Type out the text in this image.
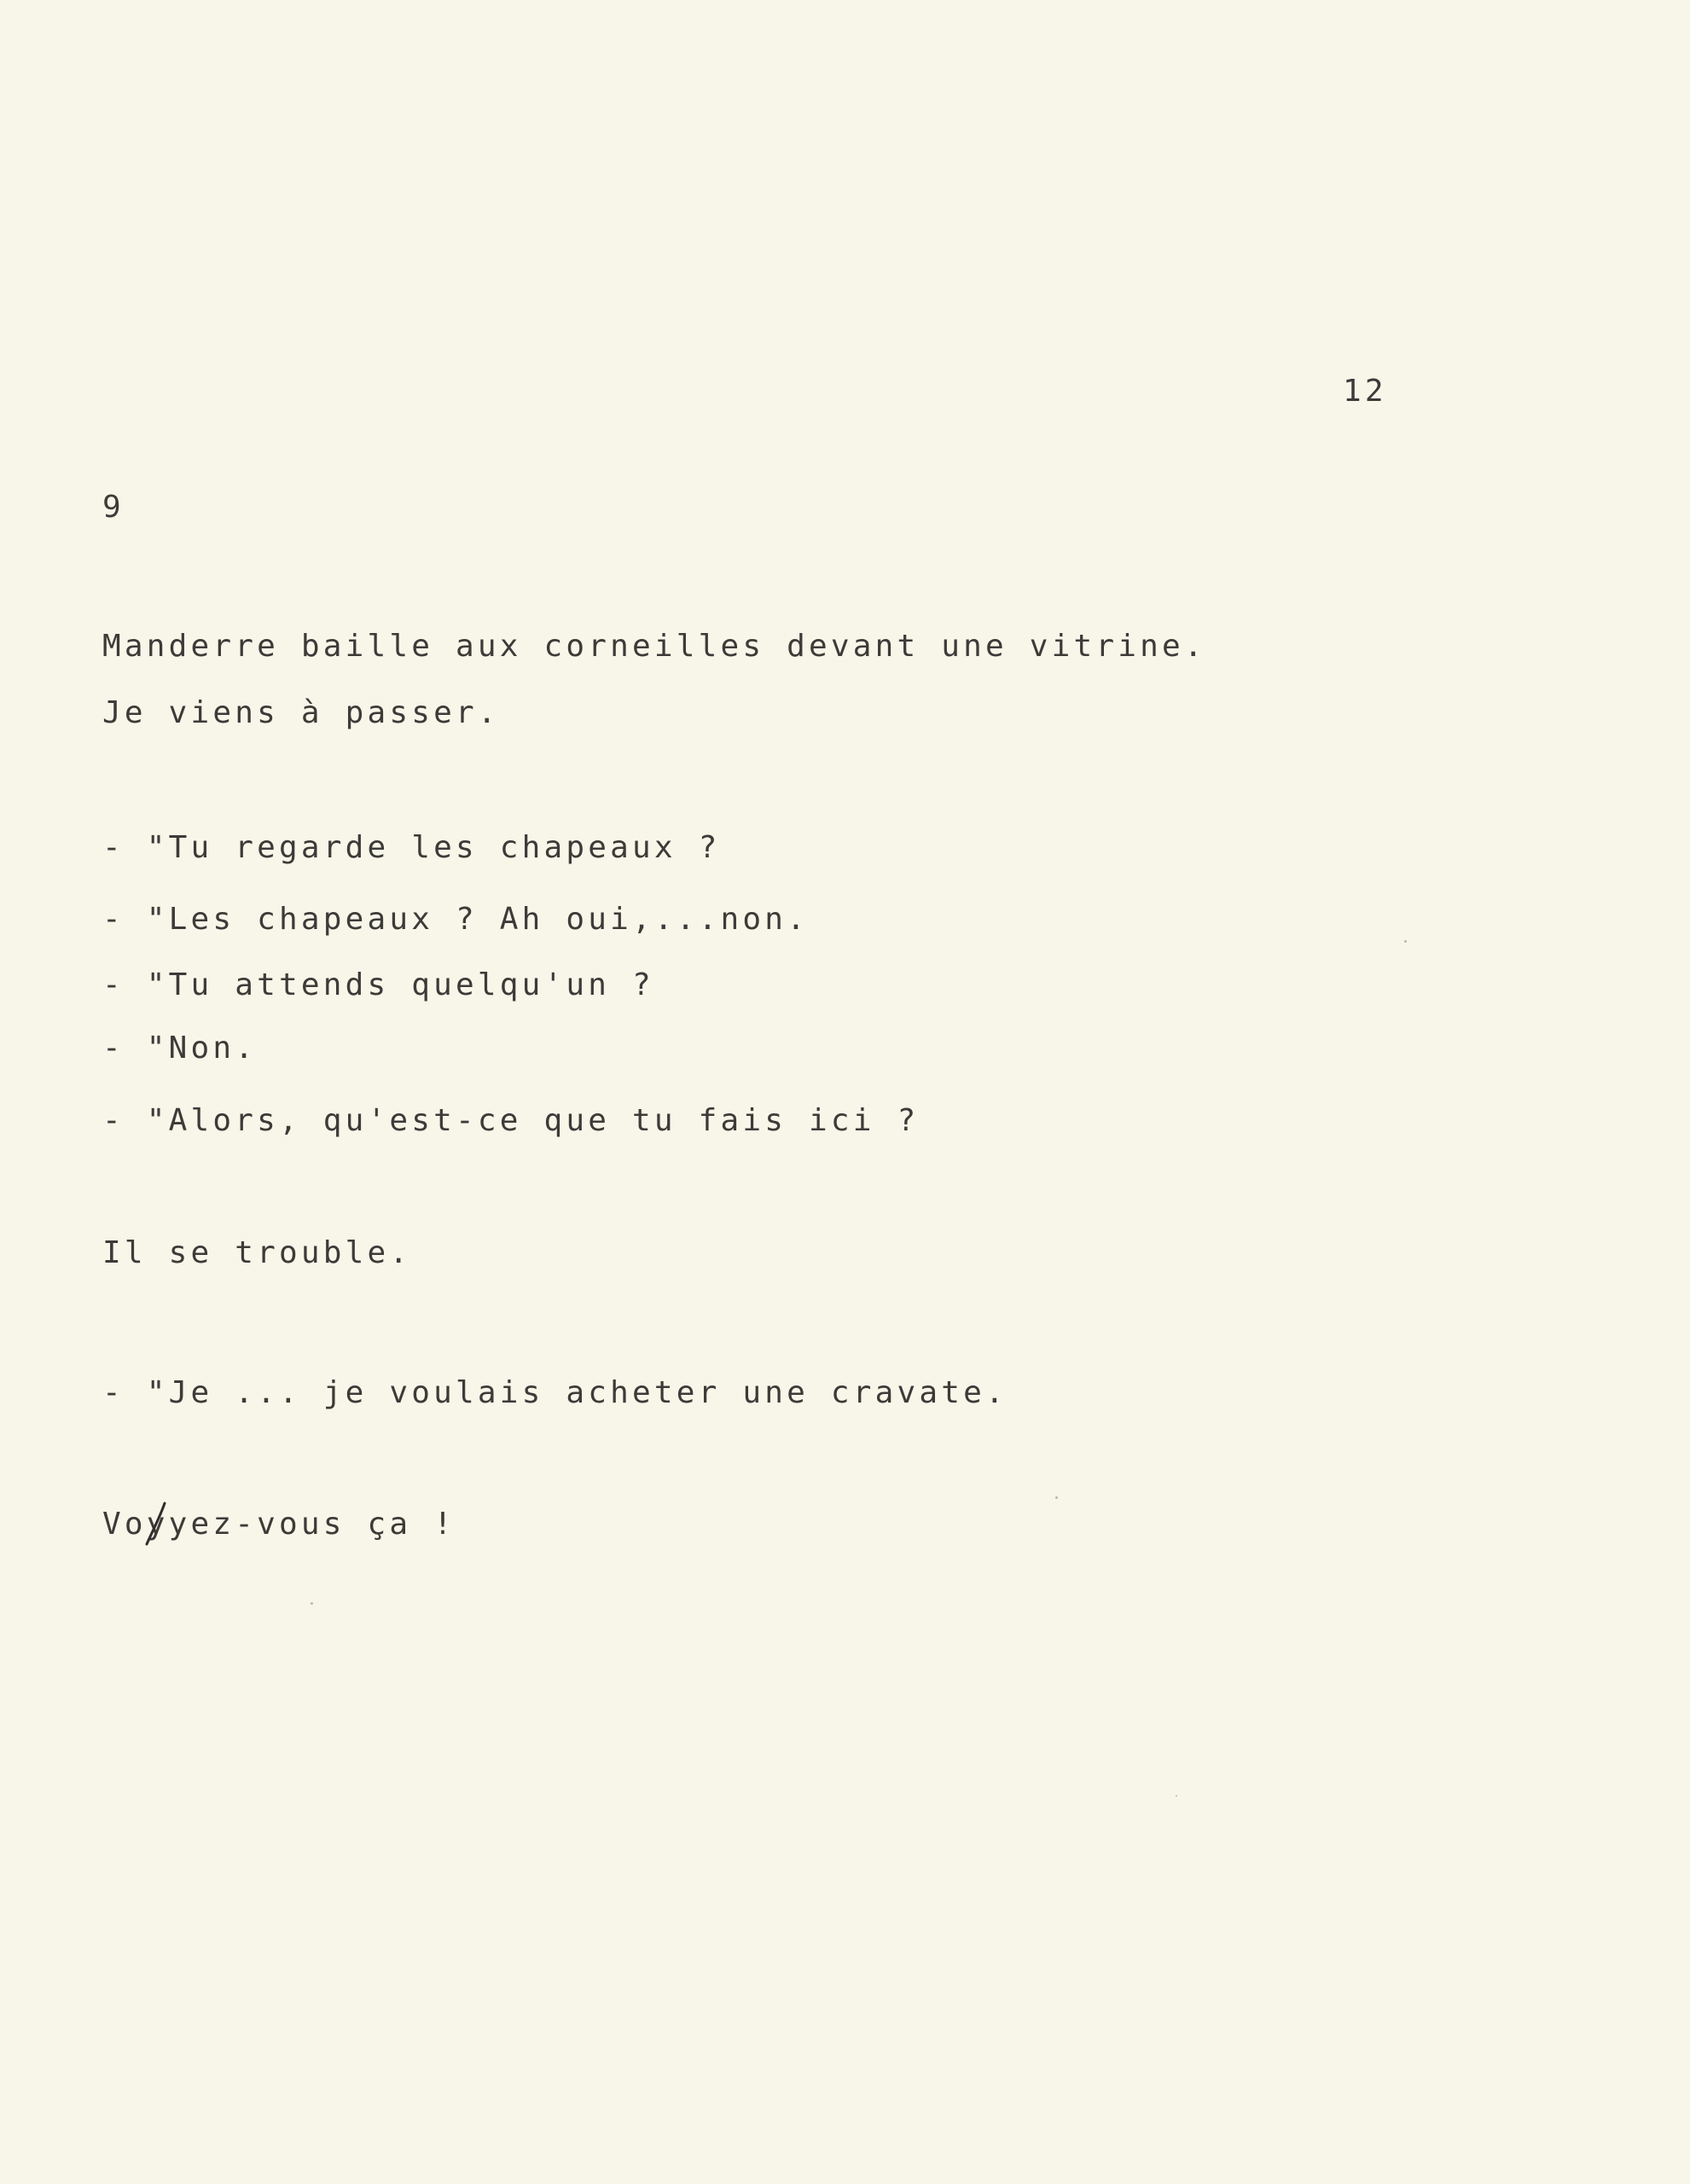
12
9
Manderre baille aux corneilles devant une vitrine.
Je viens à passer.
- "Tu regarde les chapeaux ?
- "Les chapeaux ? Ah oui,...non.
- "Tu attends quelqu'un ?
- "Non.
- "Alors, qu'est-ce que tu fais ici ?
Il se trouble.
- "Je ... je voulais acheter une cravate.
Voy
yez-vous ça !
